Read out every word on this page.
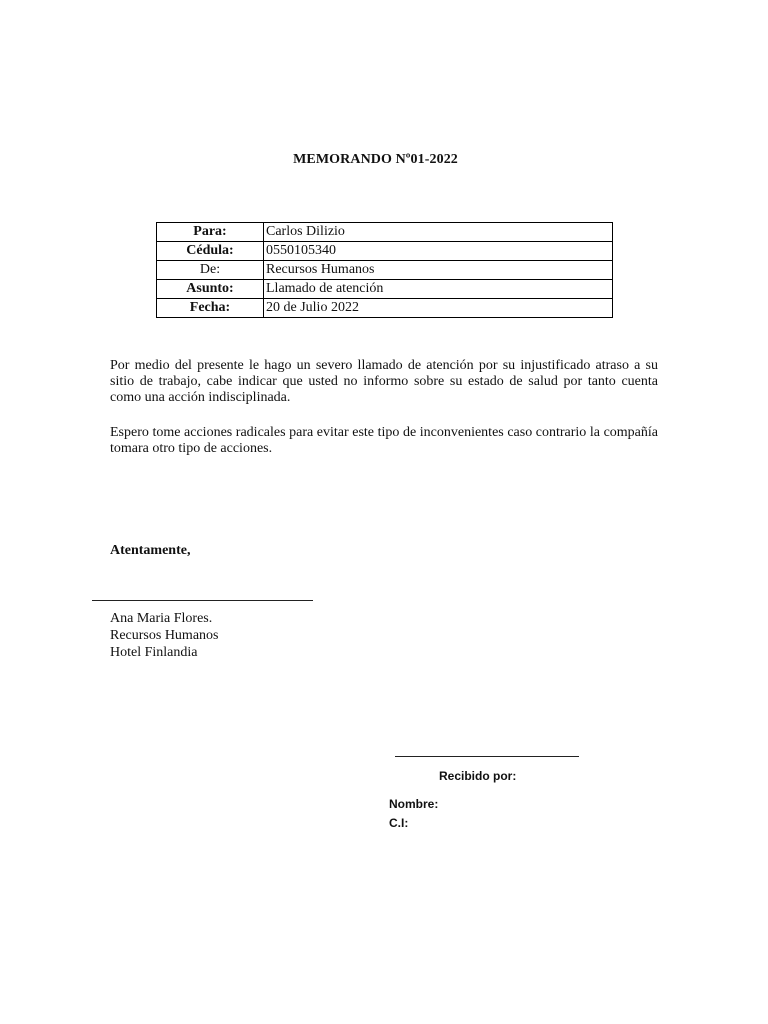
MEMORANDO Nº01-2022
Para:	Carlos Dilizio
Cédula:	0550105340
De:	Recursos Humanos
Asunto:	Llamado de atención
Fecha:	20 de Julio 2022

Por medio del presente le hago un severo llamado de atención por su injustificado atraso a su sitio de trabajo, cabe indicar que usted no informo sobre su estado de salud por tanto cuenta como una acción indisciplinada.

Espero tome acciones radicales para evitar este tipo de inconvenientes caso contrario la compañía tomara otro tipo de acciones.

Atentamente,
Ana Maria Flores.
Recursos Humanos
Hotel Finlandia
Recibido por:
Nombre:
C.I:
